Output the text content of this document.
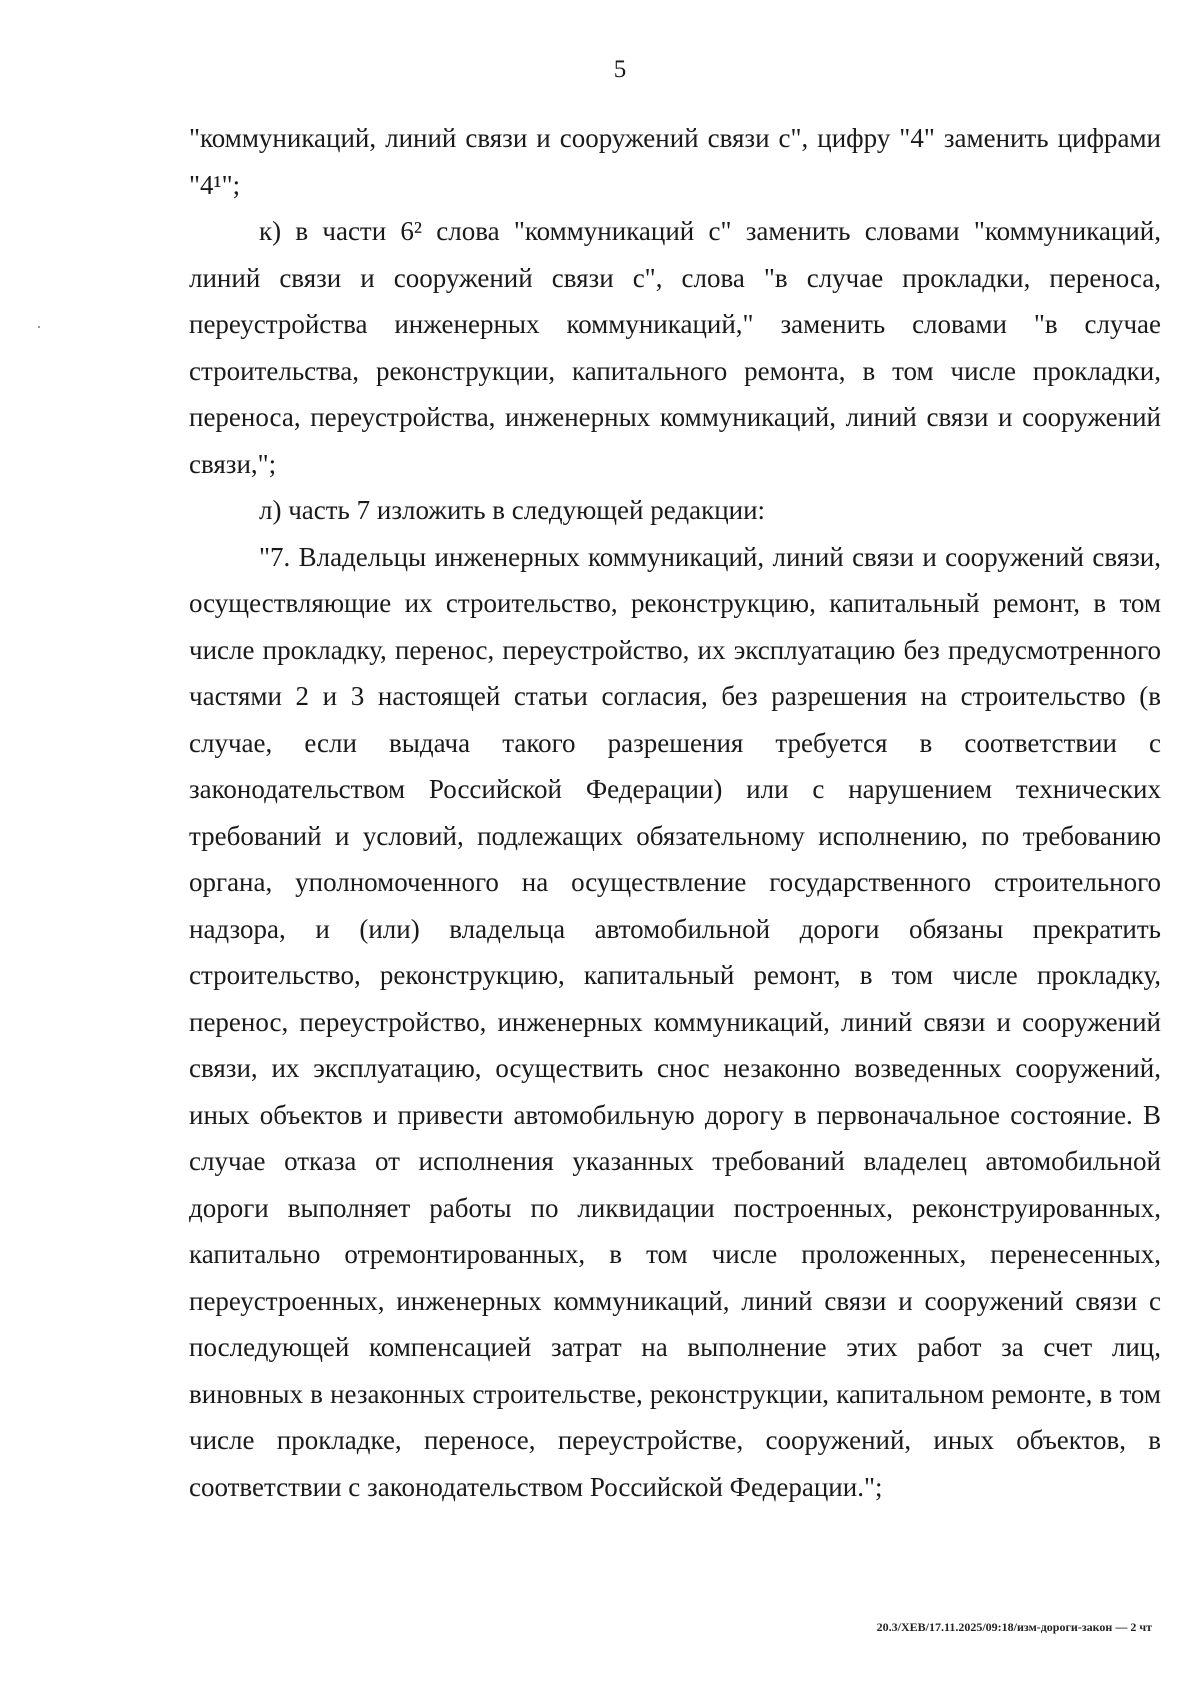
5

"коммуникаций, линий связи и сооружений связи с", цифру "4" заменить цифрами "4¹";

к) в части 6² слова "коммуникаций с" заменить словами "коммуникаций, линий связи и сооружений связи с", слова "в случае прокладки, переноса, переустройства инженерных коммуникаций," заменить словами "в случае строительства, реконструкции, капитального ремонта, в том числе прокладки, переноса, переустройства, инженерных коммуникаций, линий связи и сооружений связи,";

л) часть 7 изложить в следующей редакции:

"7. Владельцы инженерных коммуникаций, линий связи и сооружений связи, осуществляющие их строительство, реконструкцию, капитальный ремонт, в том числе прокладку, перенос, переустройство, их эксплуатацию без предусмотренного частями 2 и 3 настоящей статьи согласия, без разрешения на строительство (в случае, если выдача такого разрешения требуется в соответствии с законодательством Российской Федерации) или с нарушением технических требований и условий, подлежащих обязательному исполнению, по требованию органа, уполномоченного на осуществление государственного строительного надзора, и (или) владельца автомобильной дороги обязаны прекратить строительство, реконструкцию, капитальный ремонт, в том числе прокладку, перенос, переустройство, инженерных коммуникаций, линий связи и сооружений связи, их эксплуатацию, осуществить снос незаконно возведенных сооружений, иных объектов и привести автомобильную дорогу в первоначальное состояние. В случае отказа от исполнения указанных требований владелец автомобильной дороги выполняет работы по ликвидации построенных, реконструированных, капитально отремонтированных, в том числе проложенных, перенесенных, переустроенных, инженерных коммуникаций, линий связи и сооружений связи с последующей компенсацией затрат на выполнение этих работ за счет лиц, виновных в незаконных строительстве, реконструкции, капитальном ремонте, в том числе прокладке, переносе, переустройстве, сооружений, иных объектов, в соответствии с законодательством Российской Федерации.";

20.3/ХЕВ/17.11.2025/09:18/изм-дороги-закон — 2 чт
